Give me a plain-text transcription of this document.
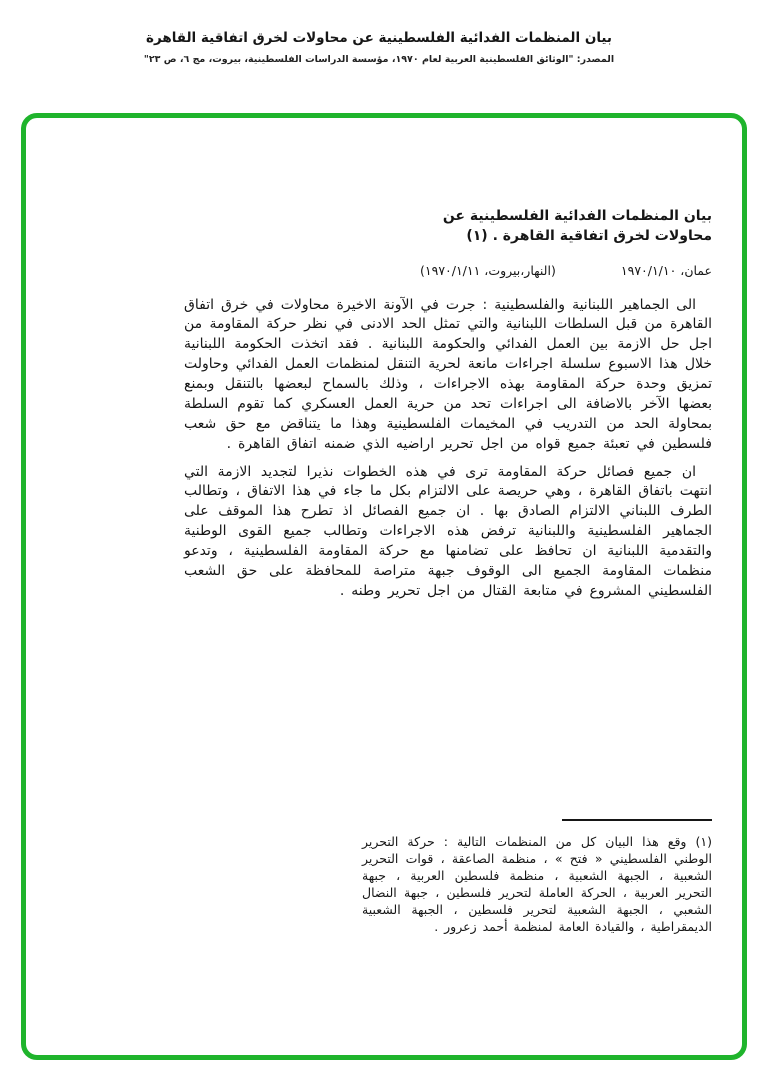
بيان المنظمات الفدائية الفلسطينية عن محاولات لخرق اتفاقية القاهرة
المصدر: "الوثائق الفلسطينية العربية لعام ١٩٧٠، مؤسسة الدراسات الفلسطينية، بيروت، مج ٦، ص ٢٣"
بيان المنظمات الفدائية الفلسطينية عن محاولات لخرق اتفاقية القاهرة . (١)
عمان، ١٩٧٠/١/١٠
(النهار،بيروت، ١٩٧٠/١/١١)

الى الجماهير اللبنانية والفلسطينية : جرت في الآونة الاخيرة محاولات في خرق اتفاق القاهرة من قبل السلطات اللبنانية والتي تمثل الحد الادنى في نظر حركة المقاومة من اجل حل الازمة بين العمل الفدائي والحكومة اللبنانية . فقد اتخذت الحكومة اللبنانية خلال هذا الاسبوع سلسلة اجراءات مانعة لحرية التنقل لمنظمات العمل الفدائي وحاولت تمزيق وحدة حركة المقاومة بهذه الاجراءات ، وذلك بالسماح لبعضها بالتنقل وبمنع بعضها الآخر بالاضافة الى اجراءات تحد من حرية العمل العسكري كما تقوم السلطة بمحاولة الحد من التدريب في المخيمات الفلسطينية وهذا ما يتناقض مع حق شعب فلسطين في تعبئة جميع قواه من اجل تحرير اراضيه الذي ضمنه اتفاق القاهرة .

ان جميع فصائل حركة المقاومة ترى في هذه الخطوات نذيرا لتجديد الازمة التي انتهت باتفاق القاهرة ، وهي حريصة على الالتزام بكل ما جاء في هذا الاتفاق ، وتطالب الطرف اللبناني الالتزام الصادق بها . ان جميع الفصائل اذ تطرح هذا الموقف على الجماهير الفلسطينية واللبنانية ترفض هذه الاجراءات وتطالب جميع القوى الوطنية والتقدمية اللبنانية ان تحافظ على تضامنها مع حركة المقاومة الفلسطينية ، وتدعو منظمات المقاومة الجميع الى الوقوف جبهة متراصة للمحافظة على حق الشعب الفلسطيني المشروع في متابعة القتال من اجل تحرير وطنه .

(١) وقع هذا البيان كل من المنظمات التالية : حركة التحرير الوطني الفلسطيني « فتح » ، منظمة الصاعقة ، قوات التحرير الشعبية ، الجبهة الشعبية ، منظمة فلسطين العربية ، جبهة التحرير العربية ، الحركة العاملة لتحرير فلسطين ، جبهة النضال الشعبي ، الجبهة الشعبية لتحرير فلسطين ، الجبهة الشعبية الديمقراطية ، والقيادة العامة لمنظمة أحمد زعرور .
